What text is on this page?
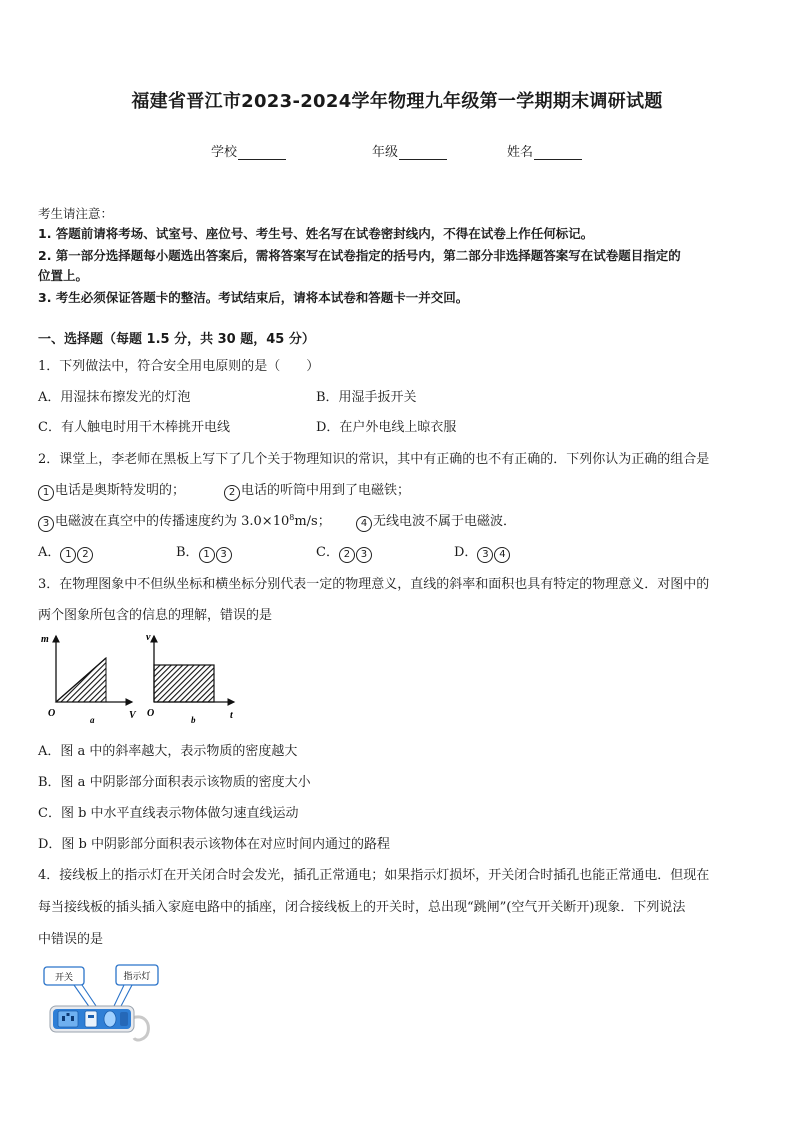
福建省晋江市2023-2024学年物理九年级第一学期期末调研试题
学校	年级	姓名
考生请注意：
1. 答题前请将考场、试室号、座位号、考生号、姓名写在试卷密封线内，不得在试卷上作任何标记。
2. 第一部分选择题每小题选出答案后，需将答案写在试卷指定的括号内，第二部分非选择题答案写在试卷题目指定的
位置上。
3. 考生必须保证答题卡的整洁。考试结束后，请将本试卷和答题卡一并交回。
一、选择题（每题 1.5 分，共 30 题，45 分）
1．下列做法中，符合安全用电原则的是（　　）
A．用湿抹布擦发光的灯泡	B．用湿手扳开关
C．有人触电时用干木棒挑开电线	D．在户外电线上晾衣服
2．课堂上，李老师在黑板上写下了几个关于物理知识的常识，其中有正确的也不有正确的．下列你认为正确的组合是
1 电话是奥斯特发明的；	2 电话的听筒中用到了电磁铁；
3 电磁波在真空中的传播速度约为 $3.0\times 10^8m/s$；	4 无线电波不属于电磁波．
A． 1 2	B． 1 3	C． 2 3	D． 3 4
3．在物理图象中不但纵坐标和横坐标分别代表一定的物理意义，直线的斜率和面积也具有特定的物理意义．对图中的
两个图象所包含的信息的理解，错误的是
m
V
O
a
v
t
O
b
A．图 a 中的斜率越大，表示物质的密度越大
B．图 a 中阴影部分面积表示该物质的密度大小
C．图 b 中水平直线表示物体做匀速直线运动
D．图 b 中阴影部分面积表示该物体在对应时间内通过的路程
4．接线板上的指示灯在开关闭合时会发光，插孔正常通电；如果指示灯损坏，开关闭合时插孔也能正常通电．但现在
每当接线板的插头插入家庭电路中的插座，闭合接线板上的开关时，总出现“跳闸”(空气开关断开)现象．下列说法
中错误的是
开关	指示灯
